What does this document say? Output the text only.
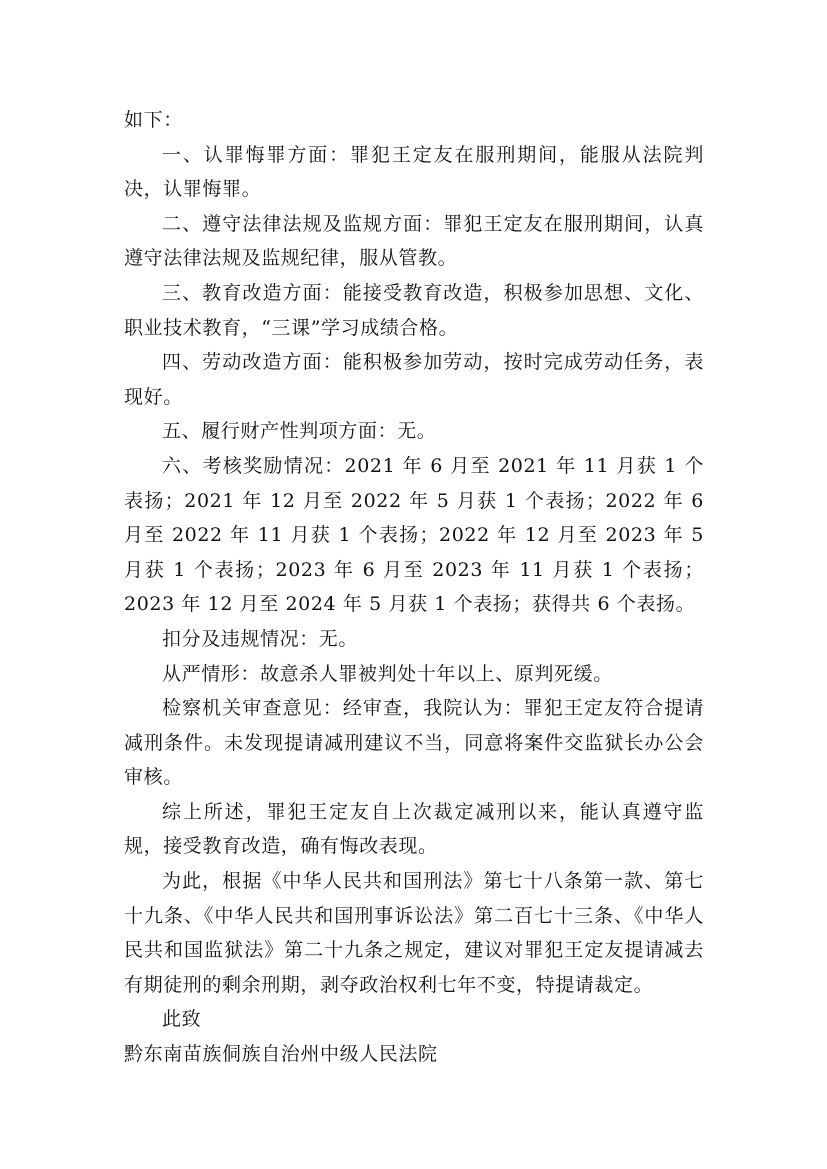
如下：

一、认罪悔罪方面：罪犯王定友在服刑期间，能服从法院判决，认罪悔罪。

二、遵守法律法规及监规方面：罪犯王定友在服刑期间，认真遵守法律法规及监规纪律，服从管教。

三、教育改造方面：能接受教育改造，积极参加思想、文化、职业技术教育，“三课”学习成绩合格。

四、劳动改造方面：能积极参加劳动，按时完成劳动任务，表现好。

五、履行财产性判项方面：无。

六、考核奖励情况：2021 年 6 月至 2021 年 11 月获 1 个表扬；2021 年 12 月至 2022 年 5 月获 1 个表扬；2022 年 6 月至 2022 年 11 月获 1 个表扬；2022 年 12 月至 2023 年 5 月获 1 个表扬；2023 年 6 月至 2023 年 11 月获 1 个表扬；2023 年 12 月至 2024 年 5 月获 1 个表扬；获得共 6 个表扬。

扣分及违规情况：无。

从严情形：故意杀人罪被判处十年以上、原判死缓。

检察机关审查意见：经审查，我院认为：罪犯王定友符合提请减刑条件。未发现提请减刑建议不当，同意将案件交监狱长办公会审核。

综上所述，罪犯王定友自上次裁定减刑以来，能认真遵守监规，接受教育改造，确有悔改表现。

为此，根据《中华人民共和国刑法》第七十八条第一款、第七十九条、《中华人民共和国刑事诉讼法》第二百七十三条、《中华人民共和国监狱法》第二十九条之规定，建议对罪犯王定友提请减去有期徒刑的剩余刑期，剥夺政治权利七年不变，特提请裁定。

此致

黔东南苗族侗族自治州中级人民法院
